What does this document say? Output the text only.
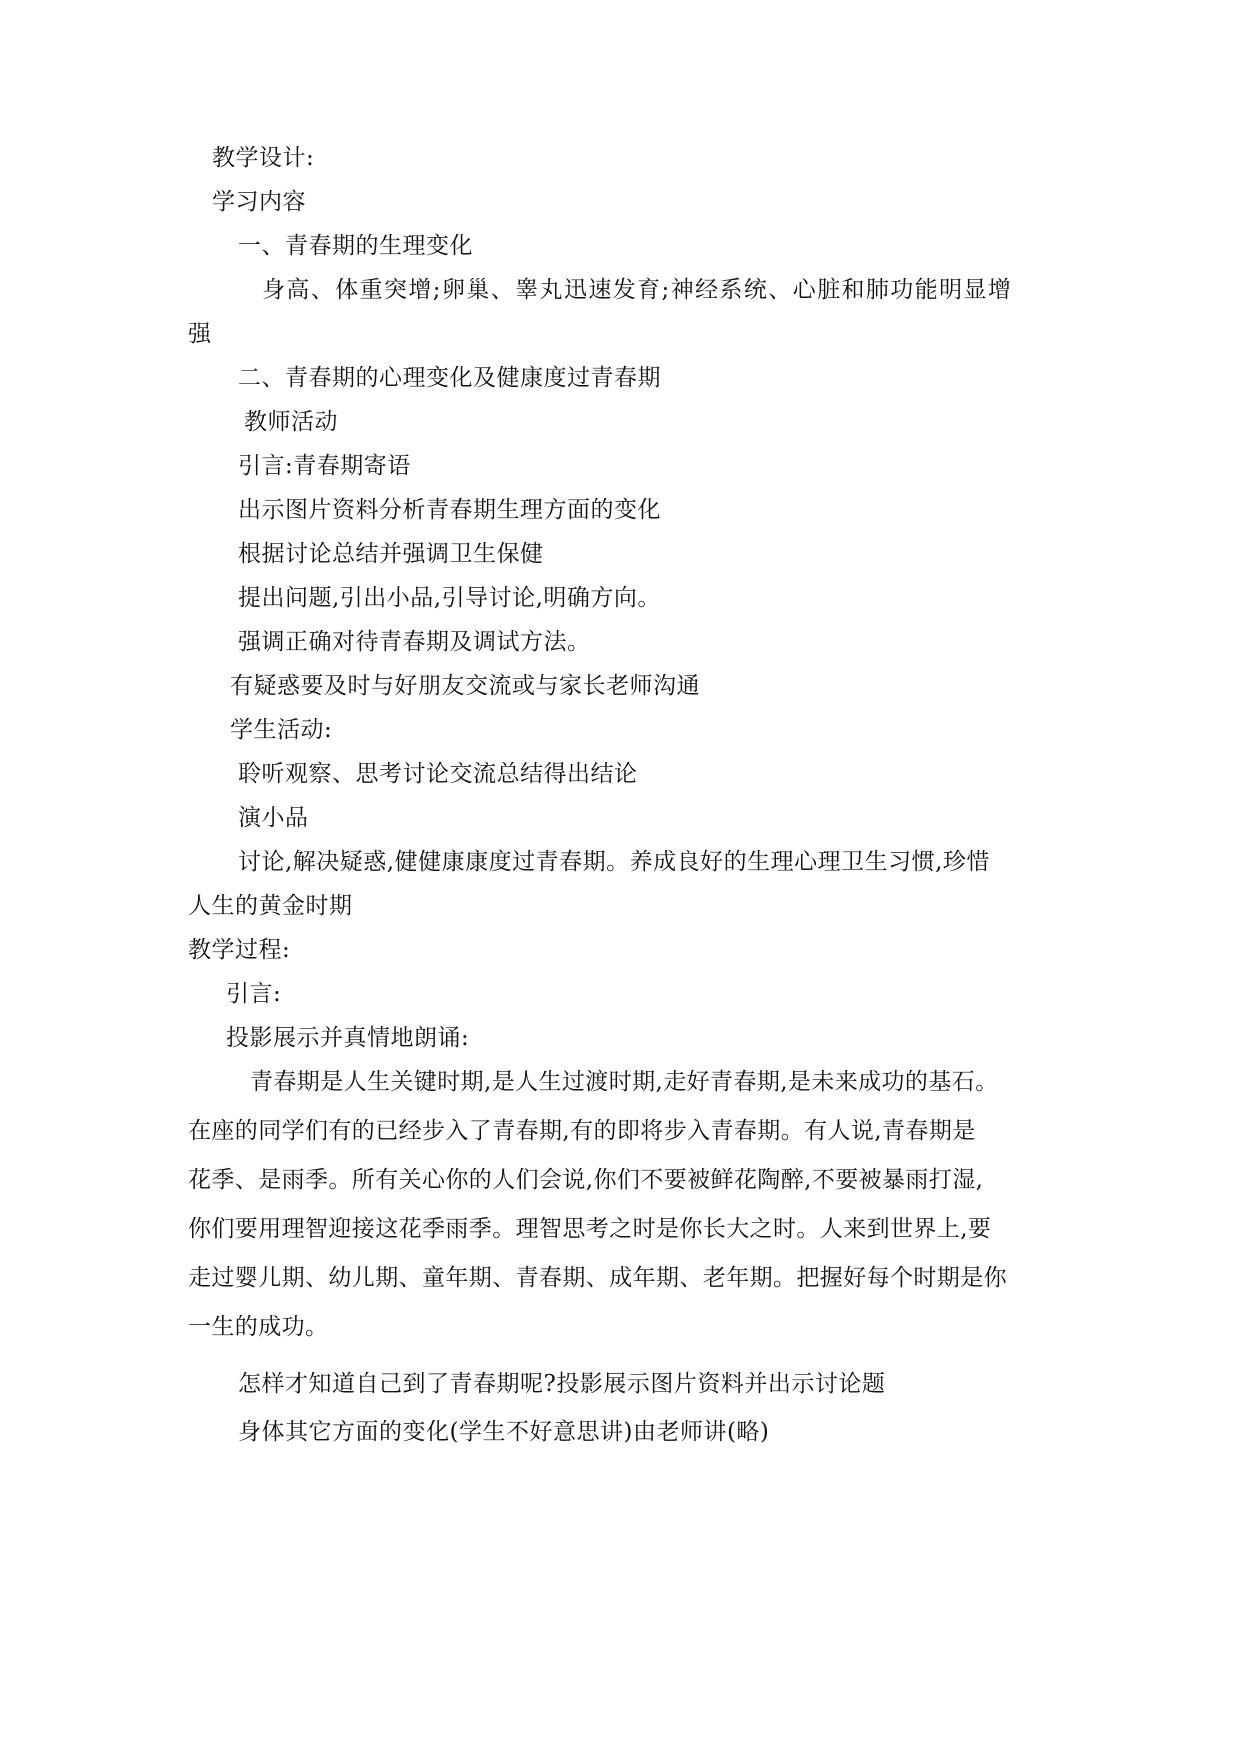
教学设计:
学习内容
一、青春期的生理变化
身高、体重突增;卵巢、睾丸迅速发育;神经系统、心脏和肺功能明显增
强
二、青春期的心理变化及健康度过青春期
教师活动
引言:青春期寄语
出示图片资料分析青春期生理方面的变化
根据讨论总结并强调卫生保健
提出问题,引出小品,引导讨论,明确方向。
强调正确对待青春期及调试方法。
有疑惑要及时与好朋友交流或与家长老师沟通
学生活动:
聆听观察、思考讨论交流总结得出结论
演小品
讨论,解决疑惑,健健康康度过青春期。养成良好的生理心理卫生习惯,珍惜
人生的黄金时期
教学过程:
引言:
投影展示并真情地朗诵:
青春期是人生关键时期,是人生过渡时期,走好青春期,是未来成功的基石。
在座的同学们有的已经步入了青春期,有的即将步入青春期。有人说,青春期是
花季、是雨季。所有关心你的人们会说,你们不要被鲜花陶醉,不要被暴雨打湿,
你们要用理智迎接这花季雨季。理智思考之时是你长大之时。人来到世界上,要
走过婴儿期、幼儿期、童年期、青春期、成年期、老年期。把握好每个时期是你
一生的成功。
怎样才知道自己到了青春期呢?投影展示图片资料并出示讨论题
身体其它方面的变化(学生不好意思讲)由老师讲(略)
